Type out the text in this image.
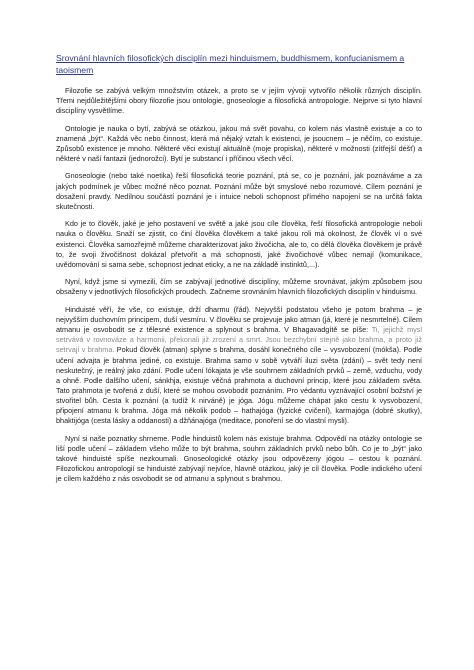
Srovnání hlavních filosofických disciplín mezi hinduismem, buddhismem, konfucianismem a taoismem

Filozofie se zabývá velkým množstvím otázek, a proto se v jejím vývoji vytvořilo několik různých disciplín. Třemi nejdůležitějšími obory filozofie jsou ontologie, gnoseologie a filosofická antropologie. Nejprve si tyto hlavní disciplíny vysvětlíme.

Ontologie je nauka o bytí, zabývá se otázkou, jakou má svět povahu, co kolem nás vlastně existuje a co to znamená „být“. Každá věc nebo činnost, která má nějaký vztah k existenci, je jsoucnem – je něčím, co existuje. Způsobů existence je mnoho. Některé věci existují aktuálně (moje propiska), některé v možnosti (zítřejší déšť) a některé v naší fantazii (jednorožci). Bytí je substancí i příčinou všech věcí.

Gnoseologie (nebo také noetika) řeší filosofická teorie poznání, ptá se, co je poznání, jak poznáváme a za jakých podmínek je vůbec možné něco poznat. Poznání může být smyslové nebo rozumové. Cílem poznání je dosažení pravdy. Nedílnou součástí poznání je i intuice neboli schopnost přímého napojení se na určitá fakta skutečnosti.

Kdo je to člověk, jaké je jeho postavení ve světě a jaké jsou cíle člověka, řeší filosofická antropologie neboli nauka o člověku. Snaží se zjistit, co činí člověka člověkem a také jakou roli má okolnost, že člověk ví o své existenci. Člověka samozřejmě můžeme charakterizovat jako živočicha, ale to, co dělá člověka člověkem je právě to, že svoji živočišnost dokázal přetvořit a má schopnosti, jaké živočichové vůbec nemají (komunikace, uvědomování si sama sebe, schopnost jednat eticky, a ne na základě instinktů,...).

Nyní, když jsme si vymezili, čím se zabývají jednotlivé disciplíny, můžeme srovnávat, jakým způsobem jsou obsaženy v jednotlivých filosofických proudech. Začneme srovnáním hlavních filozofických disciplín v hinduismu.

Hinduisté věří, že vše, co existuje, drží dharmu (řád). Nejvyšší podstatou všeho je potom brahma – je nejvyšším duchovním principem, duší vesmíru. V člověku se projevuje jako atman (já, které je nesmrtelné). Cílem atmanu je osvobodit se z tělesné existence a splynout s brahma. V Bhagavadgítě se píše: Ti, jejichž mysl setrvává v rovnováze a harmonii, překonali již zrození a smrt. Jsou bezchybní stejně jako brahma, a proto již setrvají v brahma. Pokud člověk (atman) splyne s brahma, dosáhl konečného cíle – vysvobození (mókša). Podle učení advajta je brahma jediné, co existuje. Brahma samo v sobě vytváří iluzi světa (zdání) – svět tedy není neskutečný, je reálný jako zdání. Podle učení lókajata je vše souhrnem základních prvků – země, vzduchu, vody a ohně. Podle dalšího učení, sánkhja, existuje věčná prahmota a duchovní princip, které jsou základem světa. Tato prahmota je tvořená z duší, které se mohou osvobodit poznáním. Pro védantu vyznávající osobní božství je stvořitel bůh. Cesta k poznání (a tudíž k nirváně) je jóga. Jógu můžeme chápat jako cestu k vysvobození, připojení atmanu k brahma. Jóga má několik podob – hathajóga (fyzické cvičení), karmajóga (dobré skutky), bhaktijóga (cesta lásky a oddanosti) a džňánajóga (meditace, ponoření se do vlastní mysli).

Nyní si naše poznatky shrneme. Podle hinduistů kolem nás existuje brahma. Odpovědí na otázky ontologie se liší podle učení – základem všeho může to být brahma, souhrn základních prvků nebo bůh. Co je to „být“ jako takové hinduisté spíše nezkoumali. Gnoseologické otázky jsou odpovězeny jógou – cestou k poznání. Filozofickou antropologií se hinduisté zabývají nejvíce, hlavně otázkou, jaký je cíl člověka. Podle indického učení je cílem každého z nás osvobodit se od atmanu a splynout s brahmou.
